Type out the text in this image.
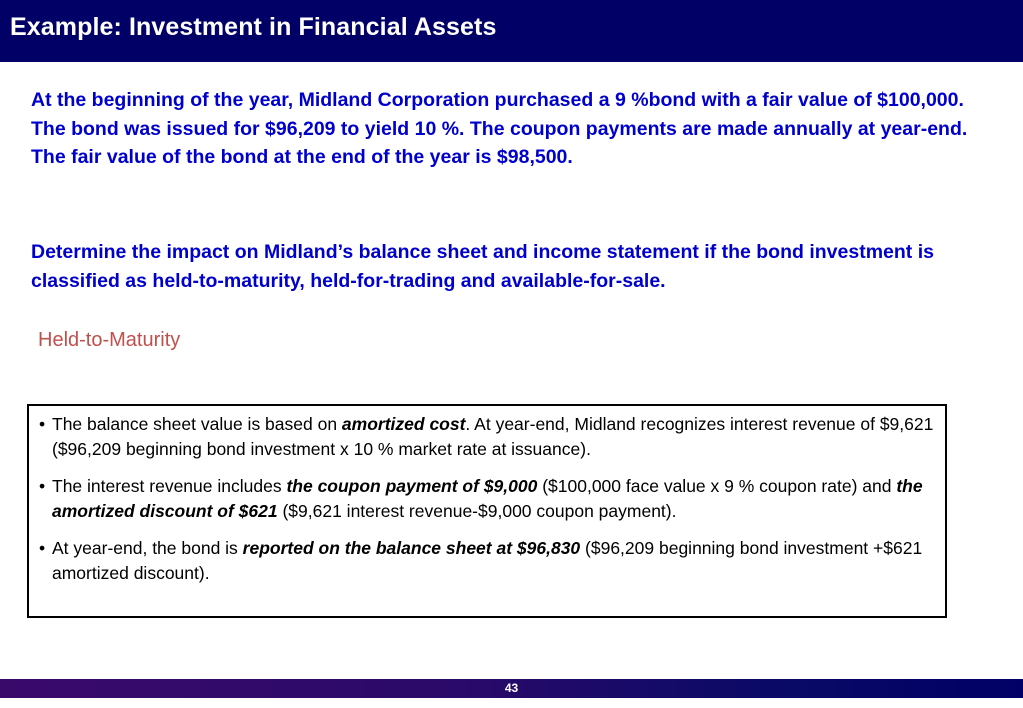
Example: Investment in Financial Assets

At the beginning of the year, Midland Corporation purchased a 9 %bond with a fair value of $100,000. The bond was issued for $96,209 to yield 10 %. The coupon payments are made annually at year-end. The fair value of the bond at the end of the year is $98,500.

Determine the impact on Midland’s balance sheet and income statement if the bond investment is classified as held-to-maturity, held-for-trading and available-for-sale.

Held-to-Maturity

• The balance sheet value is based on amortized cost. At year-end, Midland recognizes interest revenue of $9,621 ($96,209 beginning bond investment x 10 % market rate at issuance).
• The interest revenue includes the coupon payment of $9,000 ($100,000 face value x 9 % coupon rate) and the amortized discount of $621 ($9,621 interest revenue-$9,000 coupon payment).
• At year-end, the bond is reported on the balance sheet at $96,830 ($96,209 beginning bond investment +$621 amortized discount).
43
